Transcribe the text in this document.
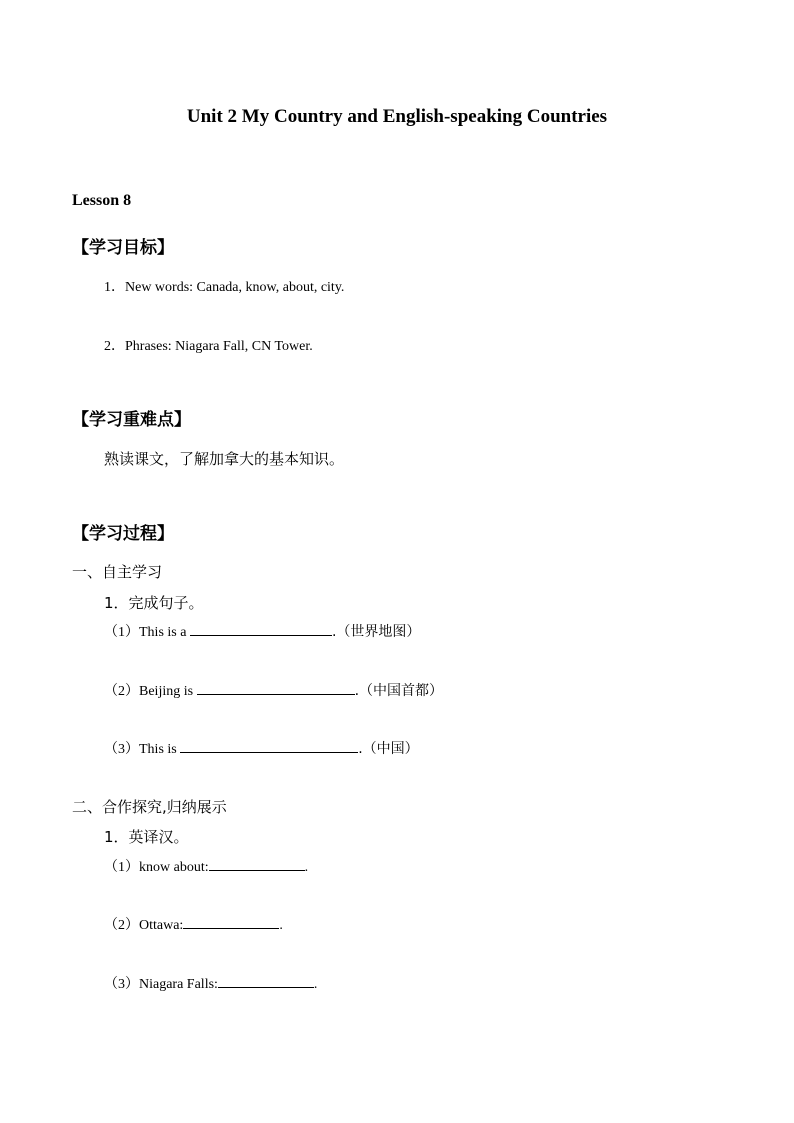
Unit 2 My Country and English-speaking Countries
Lesson 8
【学习目标】
1．New words: Canada, know, about, city.
2．Phrases: Niagara Fall, CN Tower.
【学习重难点】
熟读课文，了解加拿大的基本知识。
【学习过程】
一、自主学习
1．完成句子。
（1）This is a	.（世界地图）
（2）Beijing is	.（中国首都）
（3）This is	.（中国）
二、合作探究,归纳展示
1．英译汉。
（1）know about:	.
（2）Ottawa:	.
（3）Niagara Falls:	.
